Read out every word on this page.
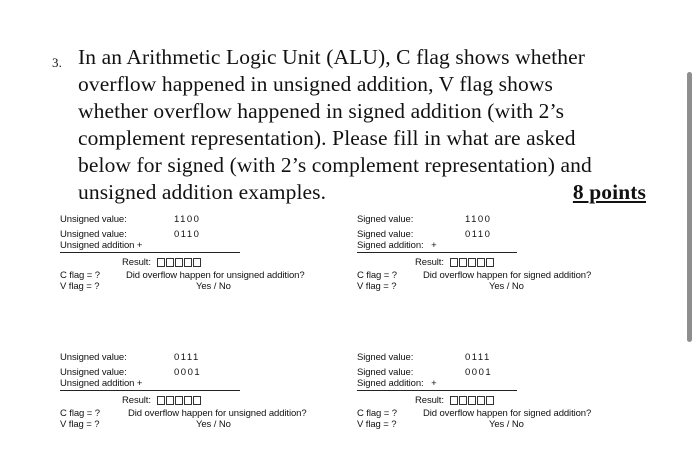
3. In an Arithmetic Logic Unit (ALU), C flag shows whether
overflow happened in unsigned addition, V flag shows
whether overflow happened in signed addition (with 2’s
complement representation). Please fill in what are asked
below for signed (with 2’s complement representation) and
unsigned addition examples.	8 points
Unsigned value:	1100
Unsigned value:	0110
Unsigned addition +
Result:
C flag = ?
V flag = ?
Did overflow happen for unsigned addition?
Yes / No
Signed value:	1100
Signed value:	0110
Signed addition:   +
Result:
C flag = ?
V flag = ?
Did overflow happen for signed addition?
Yes / No
Unsigned value:	0111
Unsigned value:	0001
Unsigned addition +
Result:
C flag = ?
V flag = ?
Did overflow happen for unsigned addition?
Yes / No
Signed value:	0111
Signed value:	0001
Signed addition:   +
Result:
C flag = ?
V flag = ?
Did overflow happen for signed addition?
Yes / No
